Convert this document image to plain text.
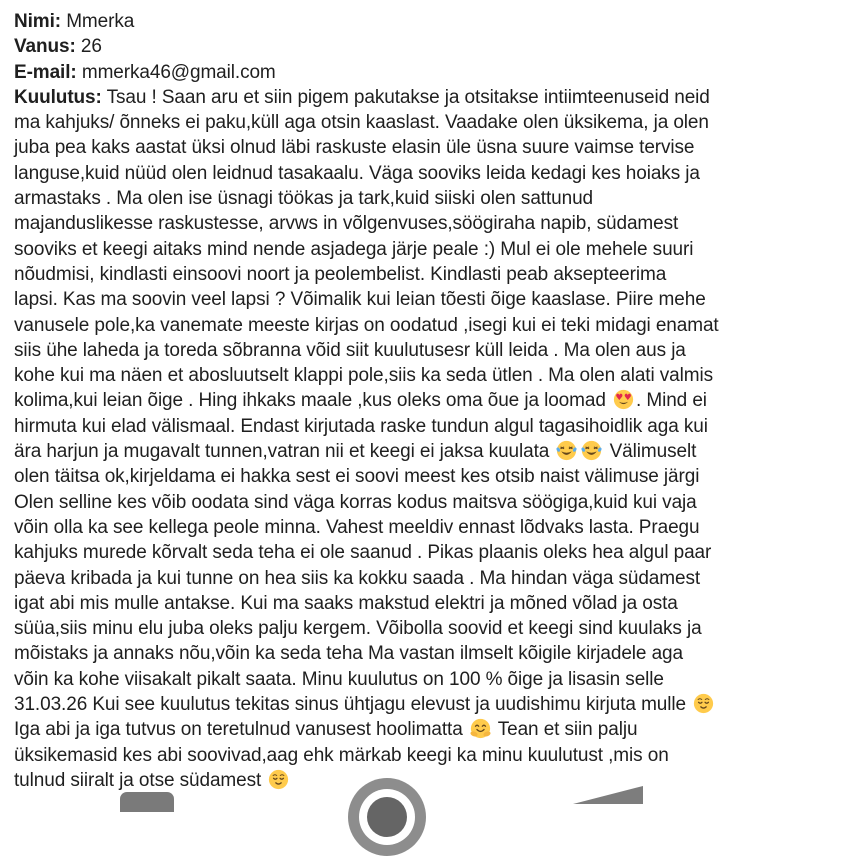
Nimi: Mmerka
Vanus: 26
E-mail: mmerka46@gmail.com
Kuulutus: Tsau ! Saan aru et siin pigem pakutakse ja otsitakse intiimteenuseid neid
ma kahjuks/ õnneks ei paku,küll aga otsin kaaslast. Vaadake olen üksikema, ja olen
juba pea kaks aastat üksi olnud läbi raskuste elasin üle üsna suure vaimse tervise
languse,kuid nüüd olen leidnud tasakaalu. Väga sooviks leida kedagi kes hoiaks ja
armastaks . Ma olen ise üsnagi töökas ja tark,kuid siiski olen sattunud
majanduslikesse raskustesse, arvws in võlgenvuses,söögiraha napib, südamest
sooviks et keegi aitaks mind nende asjadega järje peale :) Mul ei ole mehele suuri
nõudmisi, kindlasti einsoovi noort ja peolembelist. Kindlasti peab aksepteerima
lapsi. Kas ma soovin veel lapsi ? Võimalik kui leian tõesti õige kaaslase. Piire mehe
vanusele pole,ka vanemate meeste kirjas on oodatud ,isegi kui ei teki midagi enamat
siis ühe laheda ja toreda sõbranna võid siit kuulutusesr küll leida . Ma olen aus ja
kohe kui ma näen et abosluutselt klappi pole,siis ka seda ütlen . Ma olen alati valmis
kolima,kui leian õige . Hing ihkaks maale ,kus oleks oma õue ja loomad ♥ ♥ . Mind ei
hirmuta kui elad välismaal. Endast kirjutada raske tundun algul tagasihoidlik aga kui
ära harjun ja mugavalt tunnen,vatran nii et keegi ei jaksa kuulata	Välimuselt
olen täitsa ok,kirjeldama ei hakka sest ei soovi meest kes otsib naist välimuse järgi
Olen selline kes võib oodata sind väga korras kodus maitsva söögiga,kuid kui vaja
võin olla ka see kellega peole minna. Vahest meeldiv ennast lõdvaks lasta. Praegu
kahjuks murede kõrvalt seda teha ei ole saanud . Pikas plaanis oleks hea algul paar
päeva kribada ja kui tunne on hea siis ka kokku saada . Ma hindan väga südamest
igat abi mis mulle antakse. Kui ma saaks makstud elektri ja mõned võlad ja osta
süüa,siis minu elu juba oleks palju kergem. Võibolla soovid et keegi sind kuulaks ja
mõistaks ja annaks nõu,võin ka seda teha Ma vastan ilmselt kõigile kirjadele aga
võin ka kohe viisakalt pikalt saata. Minu kuulutus on 100 % õige ja lisasin selle
31.03.26 Kui see kuulutus tekitas sinus ühtjagu elevust ja uudishimu kirjuta mulle
Iga abi ja iga tutvus on teretulnud vanusest hoolimatta
Tean et siin palju
üksikemasid kes abi soovivad,aag ehk märkab keegi ka minu kuulutust ,mis on
tulnud siiralt ja otse südamest
